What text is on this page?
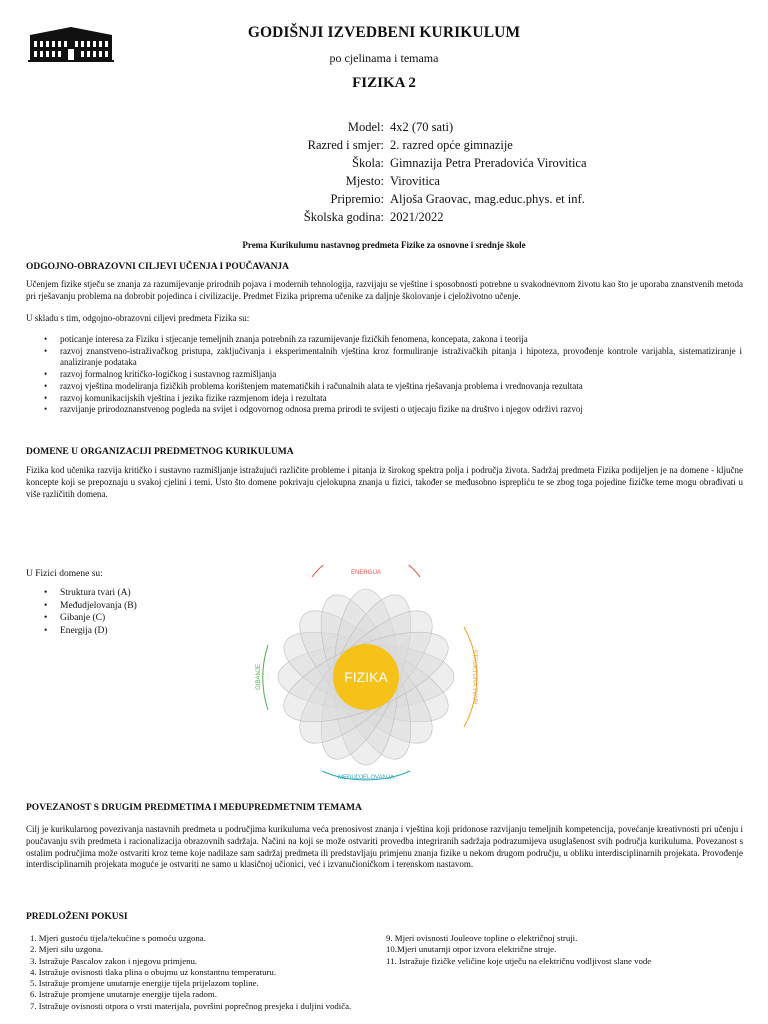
GODIŠNJI IZVEDBENI KURIKULUM
po cjelinama i temama
FIZIKA 2
Model: 4x2 (70 sati)
Razred i smjer: 2. razred opće gimnazije
Škola: Gimnazija Petra Preradovića Virovitica
Mjesto: Virovitica
Pripremio: Aljoša Graovac, mag.educ.phys. et inf.
Školska godina: 2021/2022
Prema Kurikulumu nastavnog predmeta Fizike za osnovne i srednje škole
ODGOJNO-OBRAZOVNI CILJEVI UČENJA I POUČAVANJA
Učenjem fizike stječu se znanja za razumijevanje prirodnih pojava i modernih tehnologija, razvijaju se vještine i sposobnosti potrebne u svakodnevnom životu kao što je uporaba znanstvenih metoda pri rješavanju problema na dobrobit pojedinca i civilizacije. Predmet Fizika priprema učenike za daljnje školovanje i cjeloživotno učenje.
U skladu s tim, odgojno-obrazovni ciljevi predmeta Fizika su:
• poticanje interesa za Fiziku i stjecanje temeljnih znanja potrebnih za razumijevanje fizičkih fenomena, koncepata, zakona i teorija
• razvoj znanstveno-istraživačkog pristupa, zaključivanja i eksperimentalnih vještina kroz formuliranje istraživačkih pitanja i hipoteza, provođenje kontrole varijabla, sistematiziranje i analiziranje podataka
• razvoj formalnog kritičko-logičkog i sustavnog razmišljanja
• razvoj vještina modeliranja fizičkih problema korištenjem matematičkih i računalnih alata te vještina rješavanja problema i vrednovanja rezultata
• razvoj komunikacijskih vještina i jezika fizike razmjenom ideja i rezultata
• razvijanje prirodoznanstvenog pogleda na svijet i odgovornog odnosa prema prirodi te svijesti o utjecaju fizike na društvo i njegov održivi razvoj
DOMENE U ORGANIZACIJI PREDMETNOG KURIKULUMA
Fizika kod učenika razvija kritičko i sustavno razmišljanje istražujući različite probleme i pitanja iz širokog spektra polja i područja života. Sadržaj predmeta Fizika podijeljen je na domene - ključne koncepte koji se prepoznaju u svakoj cjelini i temi. Usto što domene pokrivaju cjelokupna znanja u fizici, također se međusobno isprepliću te se zbog toga pojedine fizičke teme mogu obrađivati u više različitih domena.
U Fizici domene su:
• Struktura tvari (A)
• Međudjelovanja (B)
• Gibanje (C)
• Energija (D)
FIZIKA
ENERGIJA
STRUKTURA TVARI
MEĐUDJELOVANJA
GIBANJE
POVEZANOST S DRUGIM PREDMETIMA I MEĐUPREDMETNIM TEMAMA
Cilj je kurikularnog povezivanja nastavnih predmeta u područjima kurikuluma veća prenosivost znanja i vještina koji pridonose razvijanju temeljnih kompetencija, povećanje kreativnosti pri učenju i poučavanju svih predmeta i racionalizacija obrazovnih sadržaja. Načini na koji se može ostvariti provedba integriranih sadržaja podrazumijeva usuglašenost svih područja kurikuluma. Povezanost s ostalim područjima može ostvariti kroz teme koje nadilaze sam sadržaj predmeta ili predstavljaju primjenu znanja fizike u nekom drugom području, u obliku interdisciplinarnih projekata. Provođenje interdisciplinarnih projekata moguće je ostvariti ne samo u klasičnoj učionici, već i izvanučioničkom i terenskom nastavom.
PREDLOŽENI POKUSI
1. Mjeri gustoću tijela/tekućine s pomoću uzgona.
2. Mjeri silu uzgona.
3. Istražuje Pascalov zakon i njegovu primjenu.
4. Istražuje ovisnosti tlaka plina o obujmu uz konstantnu temperaturu.
5. Istražuje promjene unutarnje energije tijela prijelazom topline.
6. Istražuje promjene unutarnje energije tijela radom.
7. Istražuje ovisnosti otpora o vrsti materijala, površini poprečnog presjeka i duljini vodiča.
9. Mjeri ovisnosti Jouleove topline o električnoj struji.
10.Mjeri unutarnji otpor izvora električne struje.
11. Istražuje fizičke veličine koje utječu na električnu vodljivost slane vode
